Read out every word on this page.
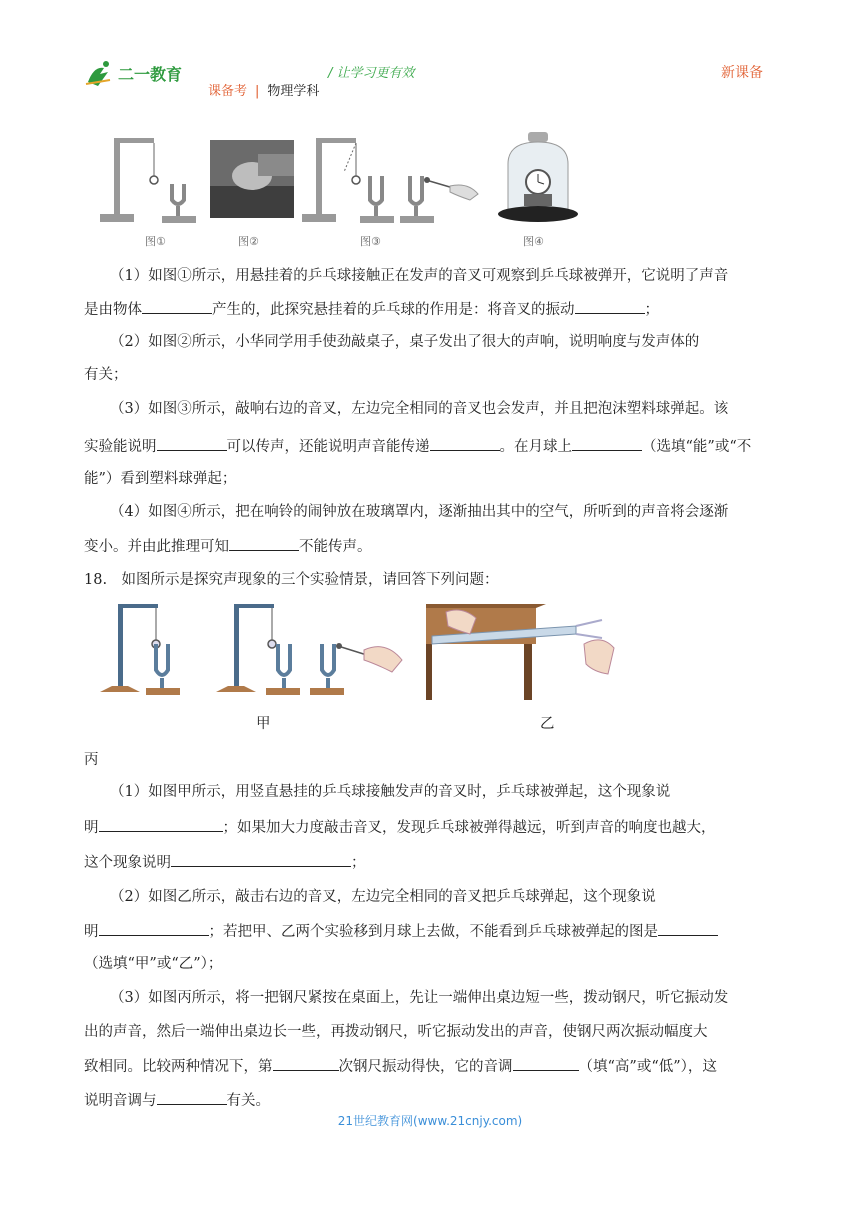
二一教育	/ 让学习更有效	新课备
课备考 | 物理学科
图①	图②	图③	图④
（1）如图①所示，用悬挂着的乒乓球接触正在发声的音叉可观察到乒乓球被弹开，它说明了声音
是由物体	产生的，此探究悬挂着的乒乓球的作用是：将音叉的振动	；
（2）如图②所示，小华同学用手使劲敲桌子，桌子发出了很大的声响，说明响度与发声体的
有关；
（3）如图③所示，敲响右边的音叉，左边完全相同的音叉也会发声，并且把泡沫塑料球弹起。该
实验能说明	可以传声，还能说明声音能传递	。在月球上	（选填“能”或“不
能”）看到塑料球弹起；
（4）如图④所示，把在响铃的闹钟放在玻璃罩内，逐渐抽出其中的空气，所听到的声音将会逐渐
变小。并由此推理可知	不能传声。
18.　如图所示是探究声现象的三个实验情景，请回答下列问题：
甲	乙
丙
（1）如图甲所示，用竖直悬挂的乒乓球接触发声的音叉时，乒乓球被弹起，这个现象说
明	；如果加大力度敲击音叉，发现乒乓球被弹得越远，听到声音的响度也越大，
这个现象说明	；
（2）如图乙所示，敲击右边的音叉，左边完全相同的音叉把乒乓球弹起，这个现象说
明	；若把甲、乙两个实验移到月球上去做，不能看到乒乓球被弹起的图是
（选填“甲”或“乙”）；
（3）如图丙所示，将一把钢尺紧按在桌面上，先让一端伸出桌边短一些，拨动钢尺，听它振动发
出的声音，然后一端伸出桌边长一些，再拨动钢尺，听它振动发出的声音，使钢尺两次振动幅度大
致相同。比较两种情况下，第	次钢尺振动得快，它的音调	（填“高”或“低”），这
说明音调与	有关。
21世纪教育网(www.21cnjy.com)
